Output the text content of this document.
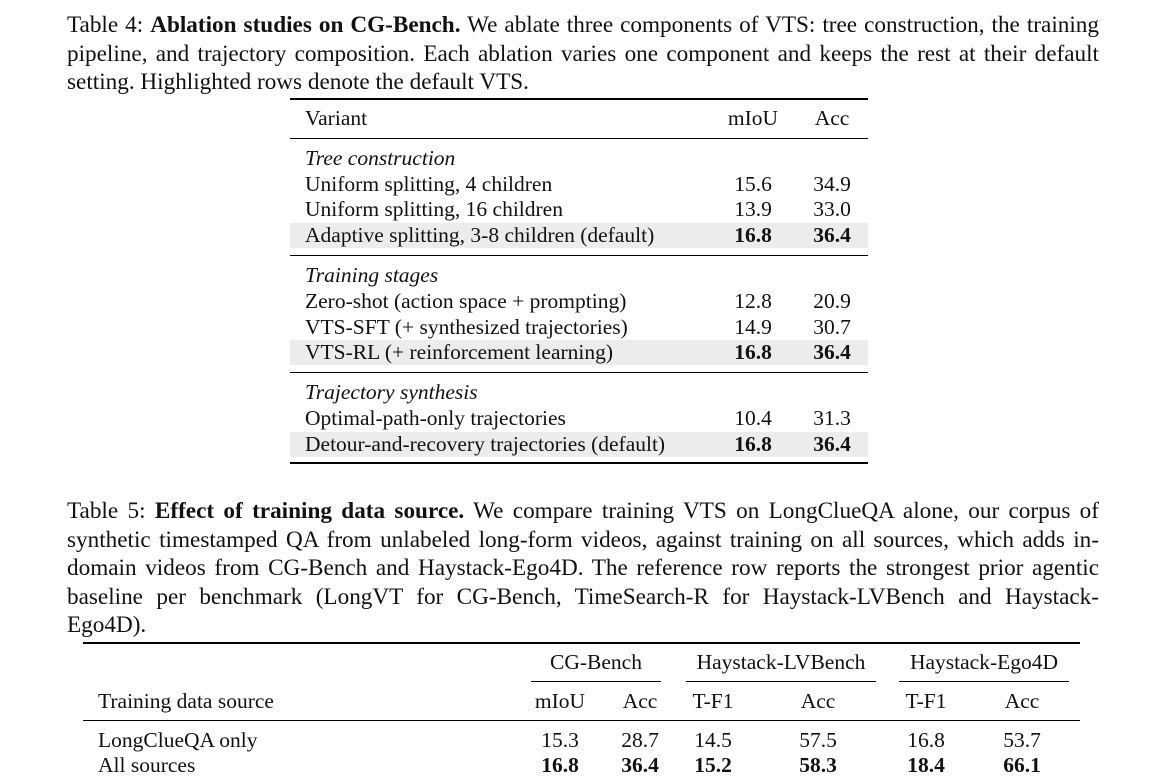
Table 4: Ablation studies on CG-Bench. We ablate three components of VTS: tree construction, the training pipeline, and trajectory composition. Each ablation varies one component and keeps the rest at their default setting. Highlighted rows denote the default VTS.

Variant	mIoU	Acc
Tree construction
Uniform splitting, 4 children	15.6	34.9
Uniform splitting, 16 children	13.9	33.0
Adaptive splitting, 3-8 children (default)	16.8	36.4
Training stages
Zero-shot (action space + prompting)	12.8	20.9
VTS-SFT (+ synthesized trajectories)	14.9	30.7
VTS-RL (+ reinforcement learning)	16.8	36.4
Trajectory synthesis
Optimal-path-only trajectories	10.4	31.3
Detour-and-recovery trajectories (default)	16.8	36.4

Table 5: Effect of training data source. We compare training VTS on LongClueQA alone, our corpus of synthetic timestamped QA from unlabeled long-form videos, against training on all sources, which adds in-domain videos from CG-Bench and Haystack-Ego4D. The reference row reports the strongest prior agentic baseline per benchmark (LongVT for CG-Bench, TimeSearch-R for Haystack-LVBench and Haystack-Ego4D).

CG-Bench	Haystack-LVBench	Haystack-Ego4D
Training data source	mIoU	Acc	T-F1	Acc	T-F1	Acc
LongClueQA only	15.3	28.7	14.5	57.5	16.8	53.7
All sources	16.8	36.4	15.2	58.3	18.4	66.1
